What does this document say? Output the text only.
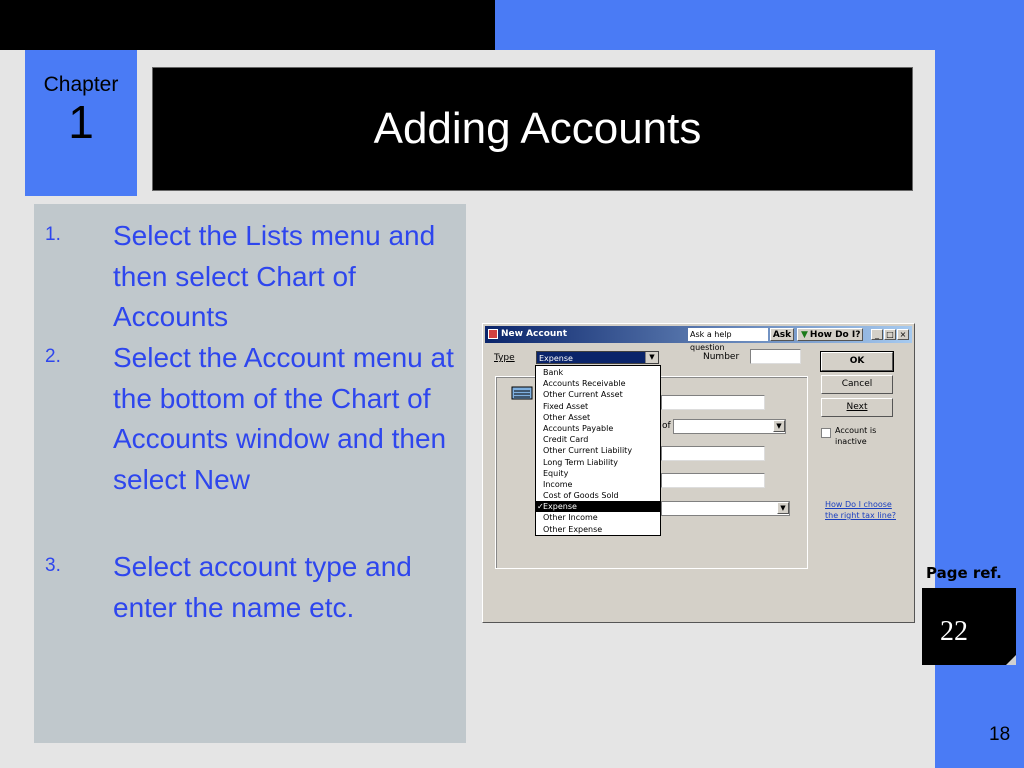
Chapter
1	Adding Accounts
1. Select the Lists menu and then select Chart of Accounts
2. Select the Account menu at the bottom of the Chart of Accounts window and then select New
3. Select account type and enter the name etc.
New Account	Ask a help question
Ask	▼ How Do I?	_ □ ×
Type	Expense	▼	Number
of	▼
▼
Bank
Accounts Receivable
Other Current Asset
Fixed Asset
Other Asset
Accounts Payable
Credit Card
Other Current Liability
Long Term Liability
Equity
Income
Cost of Goods Sold
✓ Expense
Other Income
Other Expense
OK
Cancel
Next
Account is inactive
How Do I choose the right tax line?
Page ref.
22
18
